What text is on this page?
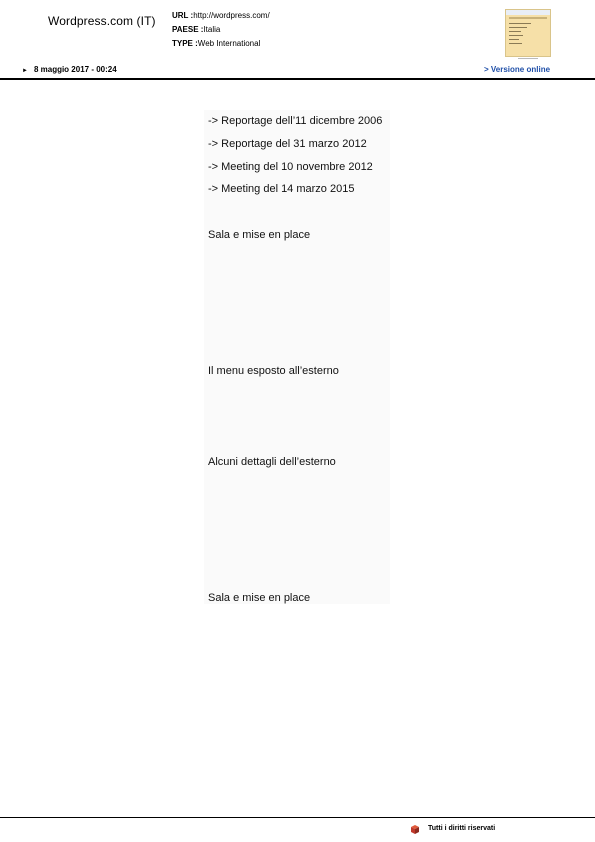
Wordpress.com (IT) URL :http://wordpress.com/
PAESE :Italia
TYPE :Web International
► 8 maggio 2017 - 00:24	> Versione online
-> Reportage dell’11 dicembre 2006
-> Reportage del 31 marzo 2012
-> Meeting del 10 novembre 2012
-> Meeting del 14 marzo 2015
Sala e mise en place
Il menu esposto all’esterno
Alcuni dettagli dell’esterno
Sala e mise en place
Tutti i diritti riservati
